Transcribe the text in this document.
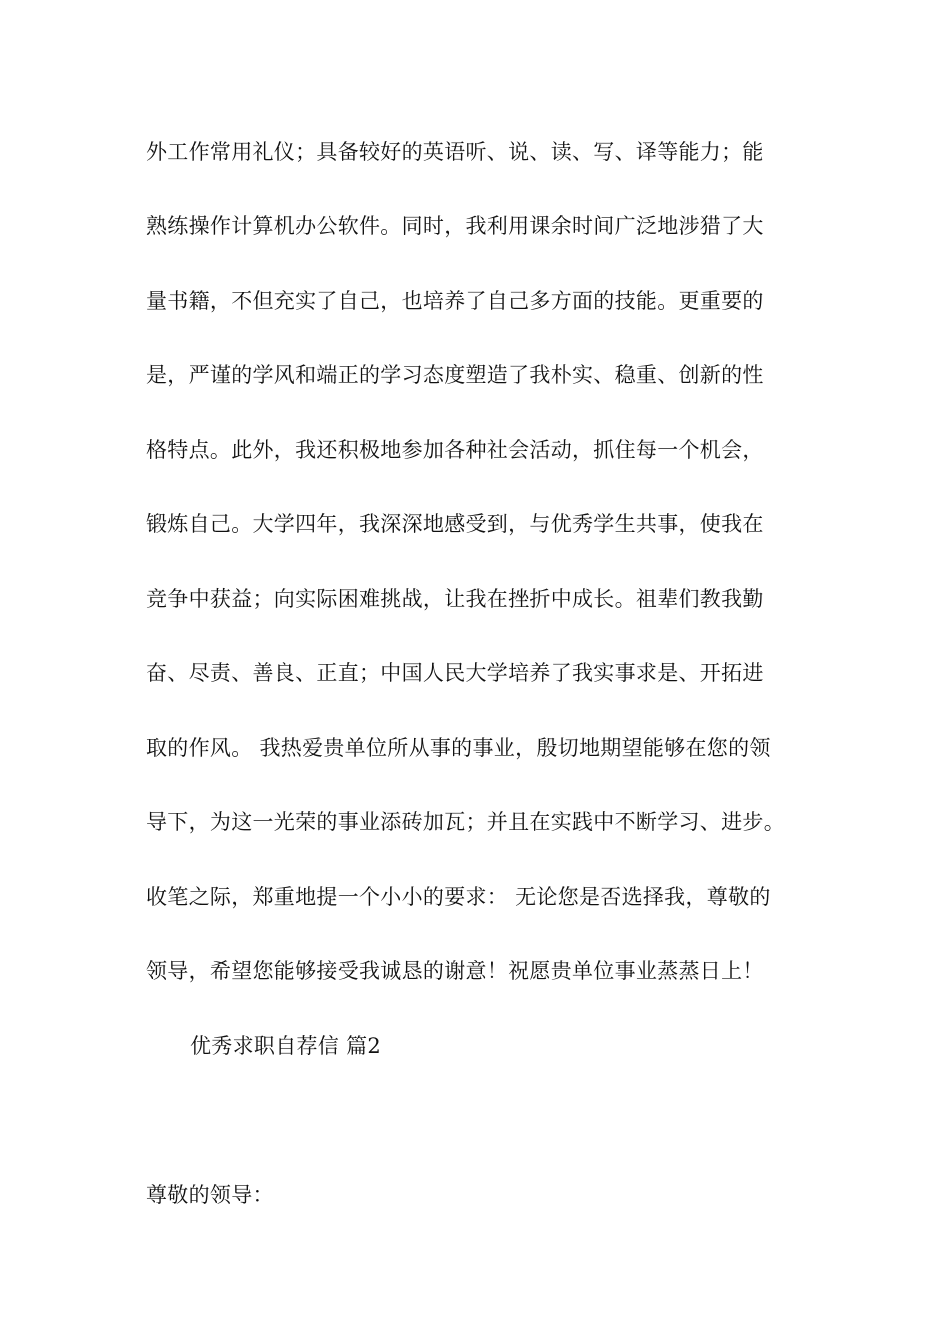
外工作常用礼仪；具备较好的英语听、说、读、写、译等能力；能
熟练操作计算机办公软件。同时，我利用课余时间广泛地涉猎了大
量书籍，不但充实了自己，也培养了自己多方面的技能。更重要的
是，严谨的学风和端正的学习态度塑造了我朴实、稳重、创新的性
格特点。此外，我还积极地参加各种社会活动，抓住每一个机会，
锻炼自己。大学四年，我深深地感受到，与优秀学生共事，使我在
竞争中获益；向实际困难挑战，让我在挫折中成长。祖辈们教我勤
奋、尽责、善良、正直；中国人民大学培养了我实事求是、开拓进
取的作风。 我热爱贵单位所从事的事业，殷切地期望能够在您的领
导下，为这一光荣的事业添砖加瓦；并且在实践中不断学习、进步。
收笔之际，郑重地提一个小小的要求： 无论您是否选择我，尊敬的
领导，希望您能够接受我诚恳的谢意！祝愿贵单位事业蒸蒸日上！
优秀求职自荐信 篇2
尊敬的领导：
